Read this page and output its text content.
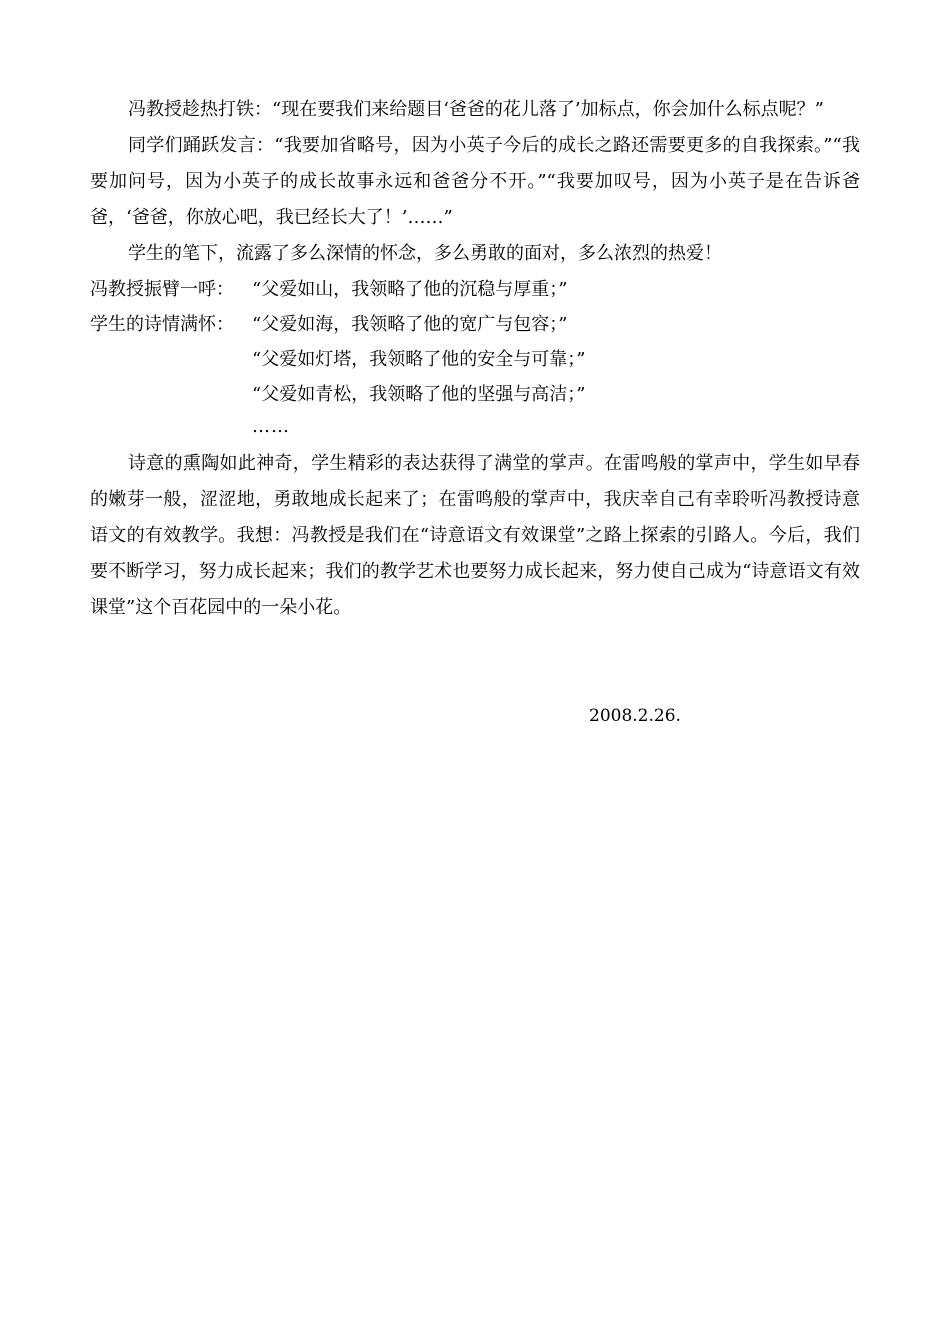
冯教授趁热打铁：“现在要我们来给题目‘爸爸的花儿落了’加标点，你会加什么标点呢？”

同学们踊跃发言：“我要加省略号，因为小英子今后的成长之路还需要更多的自我探索。”“我要加问号，因为小英子的成长故事永远和爸爸分不开。”“我要加叹号，因为小英子是在告诉爸爸，‘爸爸，你放心吧，我已经长大了！’……”

学生的笔下，流露了多么深情的怀念，多么勇敢的面对，多么浓烈的热爱！

冯教授振臂一呼：	“父爱如山，我领略了他的沉稳与厚重；”
学生的诗情满怀：	“父爱如海，我领略了他的宽广与包容；”
“父爱如灯塔，我领略了他的安全与可靠；”
“父爱如青松，我领略了他的坚强与高洁；”
……

诗意的熏陶如此神奇，学生精彩的表达获得了满堂的掌声。在雷鸣般的掌声中，学生如早春的嫩芽一般，涩涩地，勇敢地成长起来了；在雷鸣般的掌声中，我庆幸自己有幸聆听冯教授诗意语文的有效教学。我想：冯教授是我们在“诗意语文有效课堂”之路上探索的引路人。今后，我们要不断学习，努力成长起来；我们的教学艺术也要努力成长起来，努力使自己成为“诗意语文有效课堂”这个百花园中的一朵小花。

2008.2.26.
